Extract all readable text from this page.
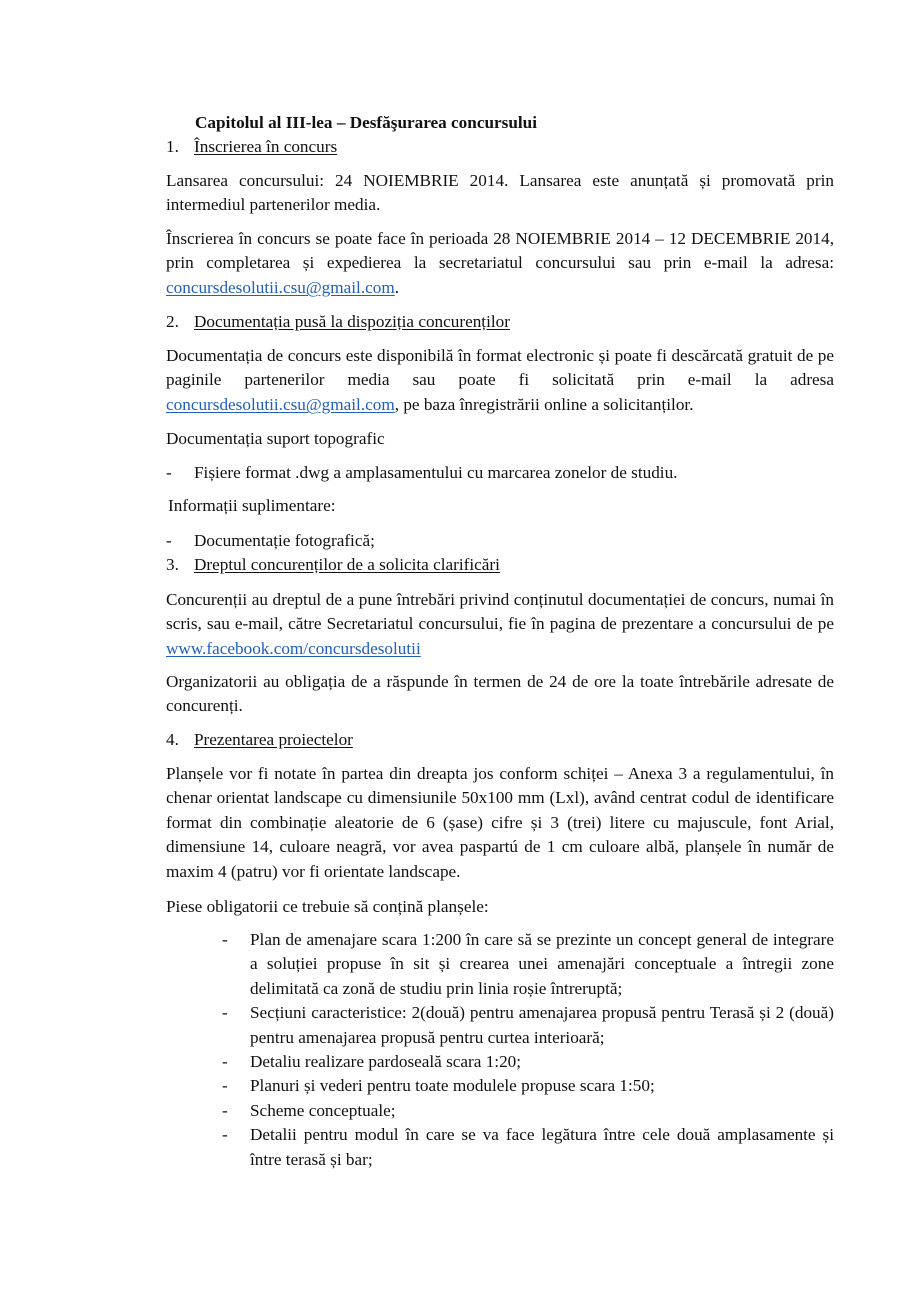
Capitolul al III-lea – Desfăşurarea concursului
1. Înscrierea în concurs
Lansarea concursului: 24 NOIEMBRIE 2014. Lansarea este anunțată și promovată prin intermediul partenerilor media.
Înscrierea în concurs se poate face în perioada 28 NOIEMBRIE 2014 – 12 DECEMBRIE 2014, prin completarea și expedierea la secretariatul concursului sau prin e-mail la adresa: concursdesolutii.csu@gmail.com.
2. Documentația pusă la dispoziția concurenților
Documentația de concurs este disponibilă în format electronic și poate fi descărcată gratuit de pe paginile partenerilor media sau poate fi solicitată prin e-mail la adresa concursdesolutii.csu@gmail.com, pe baza înregistrării online a solicitanților.
Documentația suport topografic
- Fișiere format .dwg a amplasamentului cu marcarea zonelor de studiu.
Informații suplimentare:
- Documentație fotografică;
3. Dreptul concurenților de a solicita clarificări
Concurenții au dreptul de a pune întrebări privind conținutul documentației de concurs, numai în scris, sau e-mail, către Secretariatul concursului, fie în pagina de prezentare a concursului de pe www.facebook.com/concursdesolutii
Organizatorii au obligația de a răspunde în termen de 24 de ore la toate întrebările adresate de concurenți.
4. Prezentarea proiectelor
Planșele vor fi notate în partea din dreapta jos conform schiței – Anexa 3 a regulamentului, în chenar orientat landscape cu dimensiunile 50x100 mm (Lxl), având centrat codul de identificare format din combinație aleatorie de 6 (șase) cifre și 3 (trei) litere cu majuscule, font Arial, dimensiune 14, culoare neagră, vor avea paspartú de 1 cm culoare albă, planșele în număr de maxim 4 (patru) vor fi orientate landscape.
Piese obligatorii ce trebuie să conțină planșele:
- Plan de amenajare scara 1:200 în care să se prezinte un concept general de integrare a soluției propuse în sit și crearea unei amenajări conceptuale a întregii zone delimitată ca zonă de studiu prin linia roșie întreruptă;
- Secțiuni caracteristice: 2(două) pentru amenajarea propusă pentru Terasă și 2 (două) pentru amenajarea propusă pentru curtea interioară;
- Detaliu realizare pardoseală scara 1:20;
- Planuri și vederi pentru toate modulele propuse scara 1:50;
- Scheme conceptuale;
- Detalii pentru modul în care se va face legătura între cele două amplasamente și între terasă și bar;
